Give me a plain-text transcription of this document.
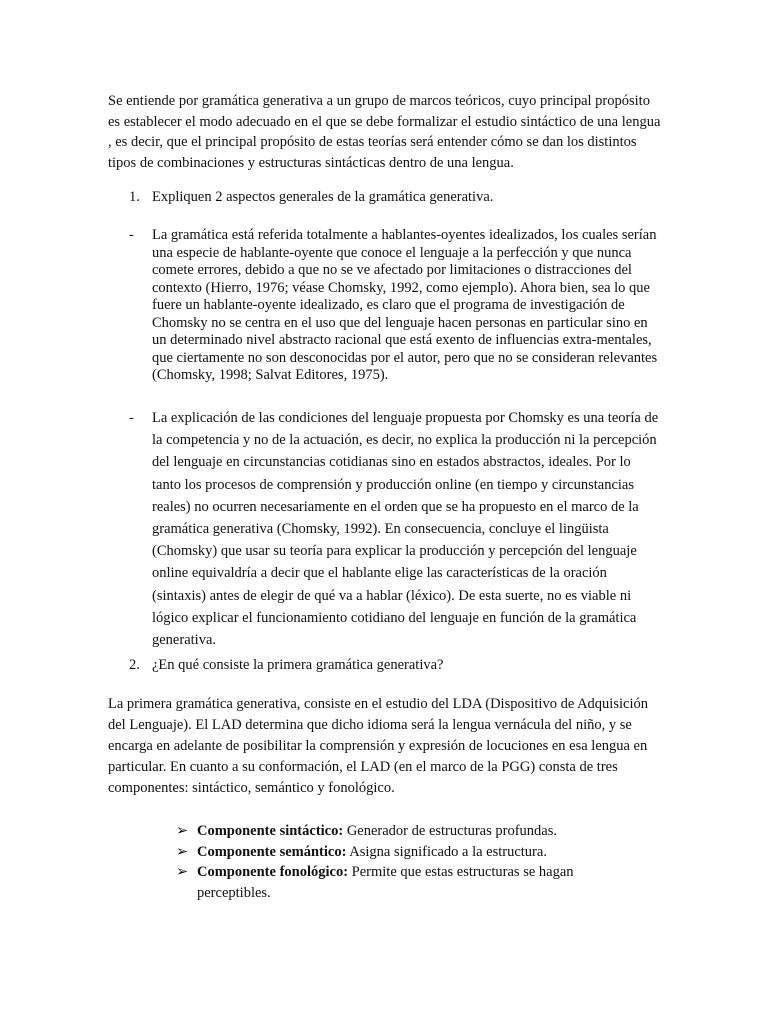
Se entiende por gramática generativa a un grupo de marcos teóricos, cuyo principal propósito es establecer el modo adecuado en el que se debe formalizar el estudio sintáctico de una lengua , es decir, que el principal propósito de estas teorías será entender cómo se dan los distintos tipos de combinaciones y estructuras sintácticas dentro de una lengua.

1. Expliquen 2 aspectos generales de la gramática generativa.
- La gramática está referida totalmente a hablantes-oyentes idealizados, los cuales serían una especie de hablante-oyente que conoce el lenguaje a la perfección y que nunca comete errores, debido a que no se ve afectado por limitaciones o distracciones del contexto (Hierro, 1976; véase Chomsky, 1992, como ejemplo). Ahora bien, sea lo que fuere un hablante-oyente idealizado, es claro que el programa de investigación de Chomsky no se centra en el uso que del lenguaje hacen personas en particular sino en un determinado nivel abstracto racional que está exento de influencias extra-mentales, que ciertamente no son desconocidas por el autor, pero que no se consideran relevantes (Chomsky, 1998; Salvat Editores, 1975).
- La explicación de las condiciones del lenguaje propuesta por Chomsky es una teoría de la competencia y no de la actuación, es decir, no explica la producción ni la percepción del lenguaje en circunstancias cotidianas sino en estados abstractos, ideales. Por lo tanto los procesos de comprensión y producción online (en tiempo y circunstancias reales) no ocurren necesariamente en el orden que se ha propuesto en el marco de la gramática generativa (Chomsky, 1992). En consecuencia, concluye el lingüista (Chomsky) que usar su teoría para explicar la producción y percepción del lenguaje online equivaldría a decir que el hablante elige las características de la oración (sintaxis) antes de elegir de qué va a hablar (léxico). De esta suerte, no es viable ni lógico explicar el funcionamiento cotidiano del lenguaje en función de la gramática generativa.
2. ¿En qué consiste la primera gramática generativa?

La primera gramática generativa, consiste en el estudio del LDA (Dispositivo de Adquisición del Lenguaje). El LAD determina que dicho idioma será la lengua vernácula del niño, y se encarga en adelante de posibilitar la comprensión y expresión de locuciones en esa lengua en particular. En cuanto a su conformación, el LAD (en el marco de la PGG) consta de tres componentes: sintáctico, semántico y fonológico.

➢ Componente sintáctico: Generador de estructuras profundas.
➢ Componente semántico: Asigna significado a la estructura.
➢ Componente fonológico: Permite que estas estructuras se hagan perceptibles.
